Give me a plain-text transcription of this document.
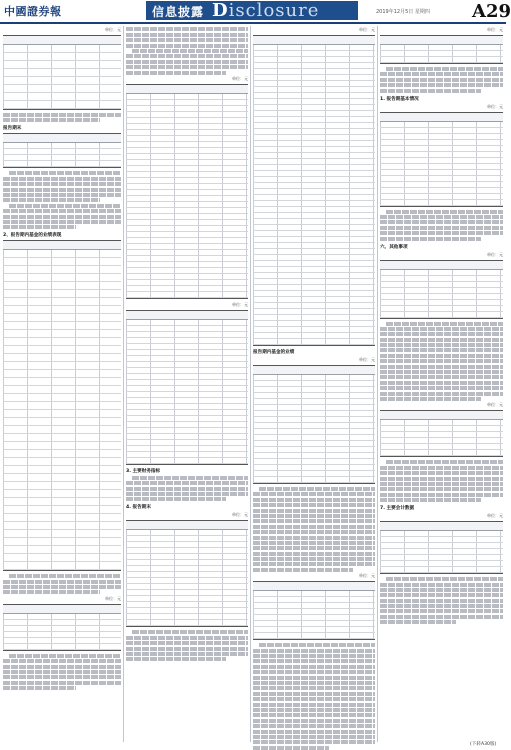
中國證券報	信息披露 Disclosure	2019年12月5日 星期四 A29
单位：元
报告期末
2、报告期内基金的业绩表现
单位：元
单位：元
单位：元
3. 主要财务指标
4. 报告期末
单位：元
单位：元
报告期内基金的业绩
单位：元
单位：元
单位：元
1. 报告期基本情况
单位：元
六、其他事项
单位：元
单位：元
7. 主要会计数据
单位：元
(下转A30版)
